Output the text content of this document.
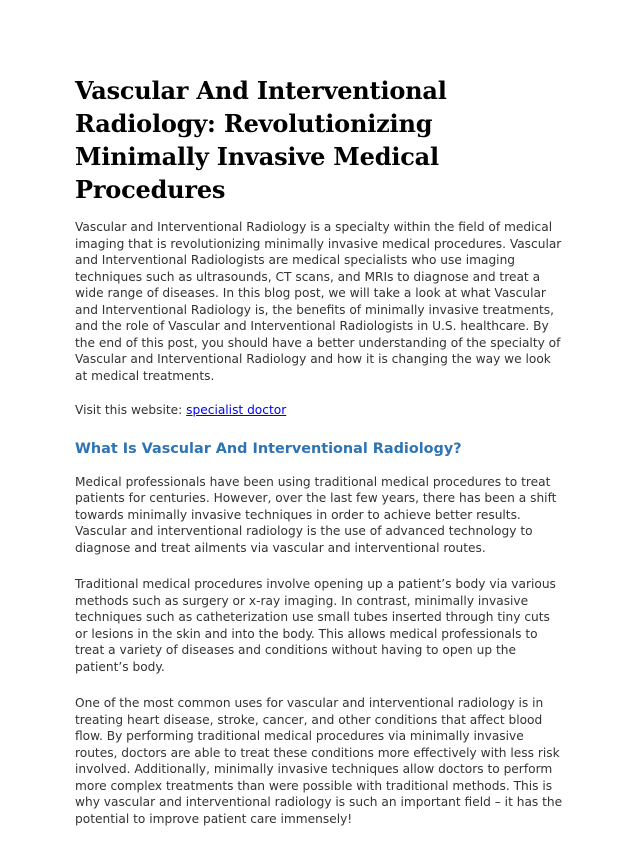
Vascular And Interventional Radiology: Revolutionizing Minimally Invasive Medical Procedures

Vascular and Interventional Radiology is a specialty within the field of medical imaging that is revolutionizing minimally invasive medical procedures. Vascular and Interventional Radiologists are medical specialists who use imaging techniques such as ultrasounds, CT scans, and MRIs to diagnose and treat a wide range of diseases. In this blog post, we will take a look at what Vascular and Interventional Radiology is, the benefits of minimally invasive treatments, and the role of Vascular and Interventional Radiologists in U.S. healthcare. By the end of this post, you should have a better understanding of the specialty of Vascular and Interventional Radiology and how it is changing the way we look at medical treatments.

Visit this website: specialist doctor

What Is Vascular And Interventional Radiology?

Medical professionals have been using traditional medical procedures to treat patients for centuries. However, over the last few years, there has been a shift towards minimally invasive techniques in order to achieve better results. Vascular and interventional radiology is the use of advanced technology to diagnose and treat ailments via vascular and interventional routes.

Traditional medical procedures involve opening up a patient’s body via various methods such as surgery or x-ray imaging. In contrast, minimally invasive techniques such as catheterization use small tubes inserted through tiny cuts or lesions in the skin and into the body. This allows medical professionals to treat a variety of diseases and conditions without having to open up the patient’s body.

One of the most common uses for vascular and interventional radiology is in treating heart disease, stroke, cancer, and other conditions that affect blood flow. By performing traditional medical procedures via minimally invasive routes, doctors are able to treat these conditions more effectively with less risk involved. Additionally, minimally invasive techniques allow doctors to perform more complex treatments than were possible with traditional methods. This is why vascular and interventional radiology is such an important field – it has the potential to improve patient care immensely!
